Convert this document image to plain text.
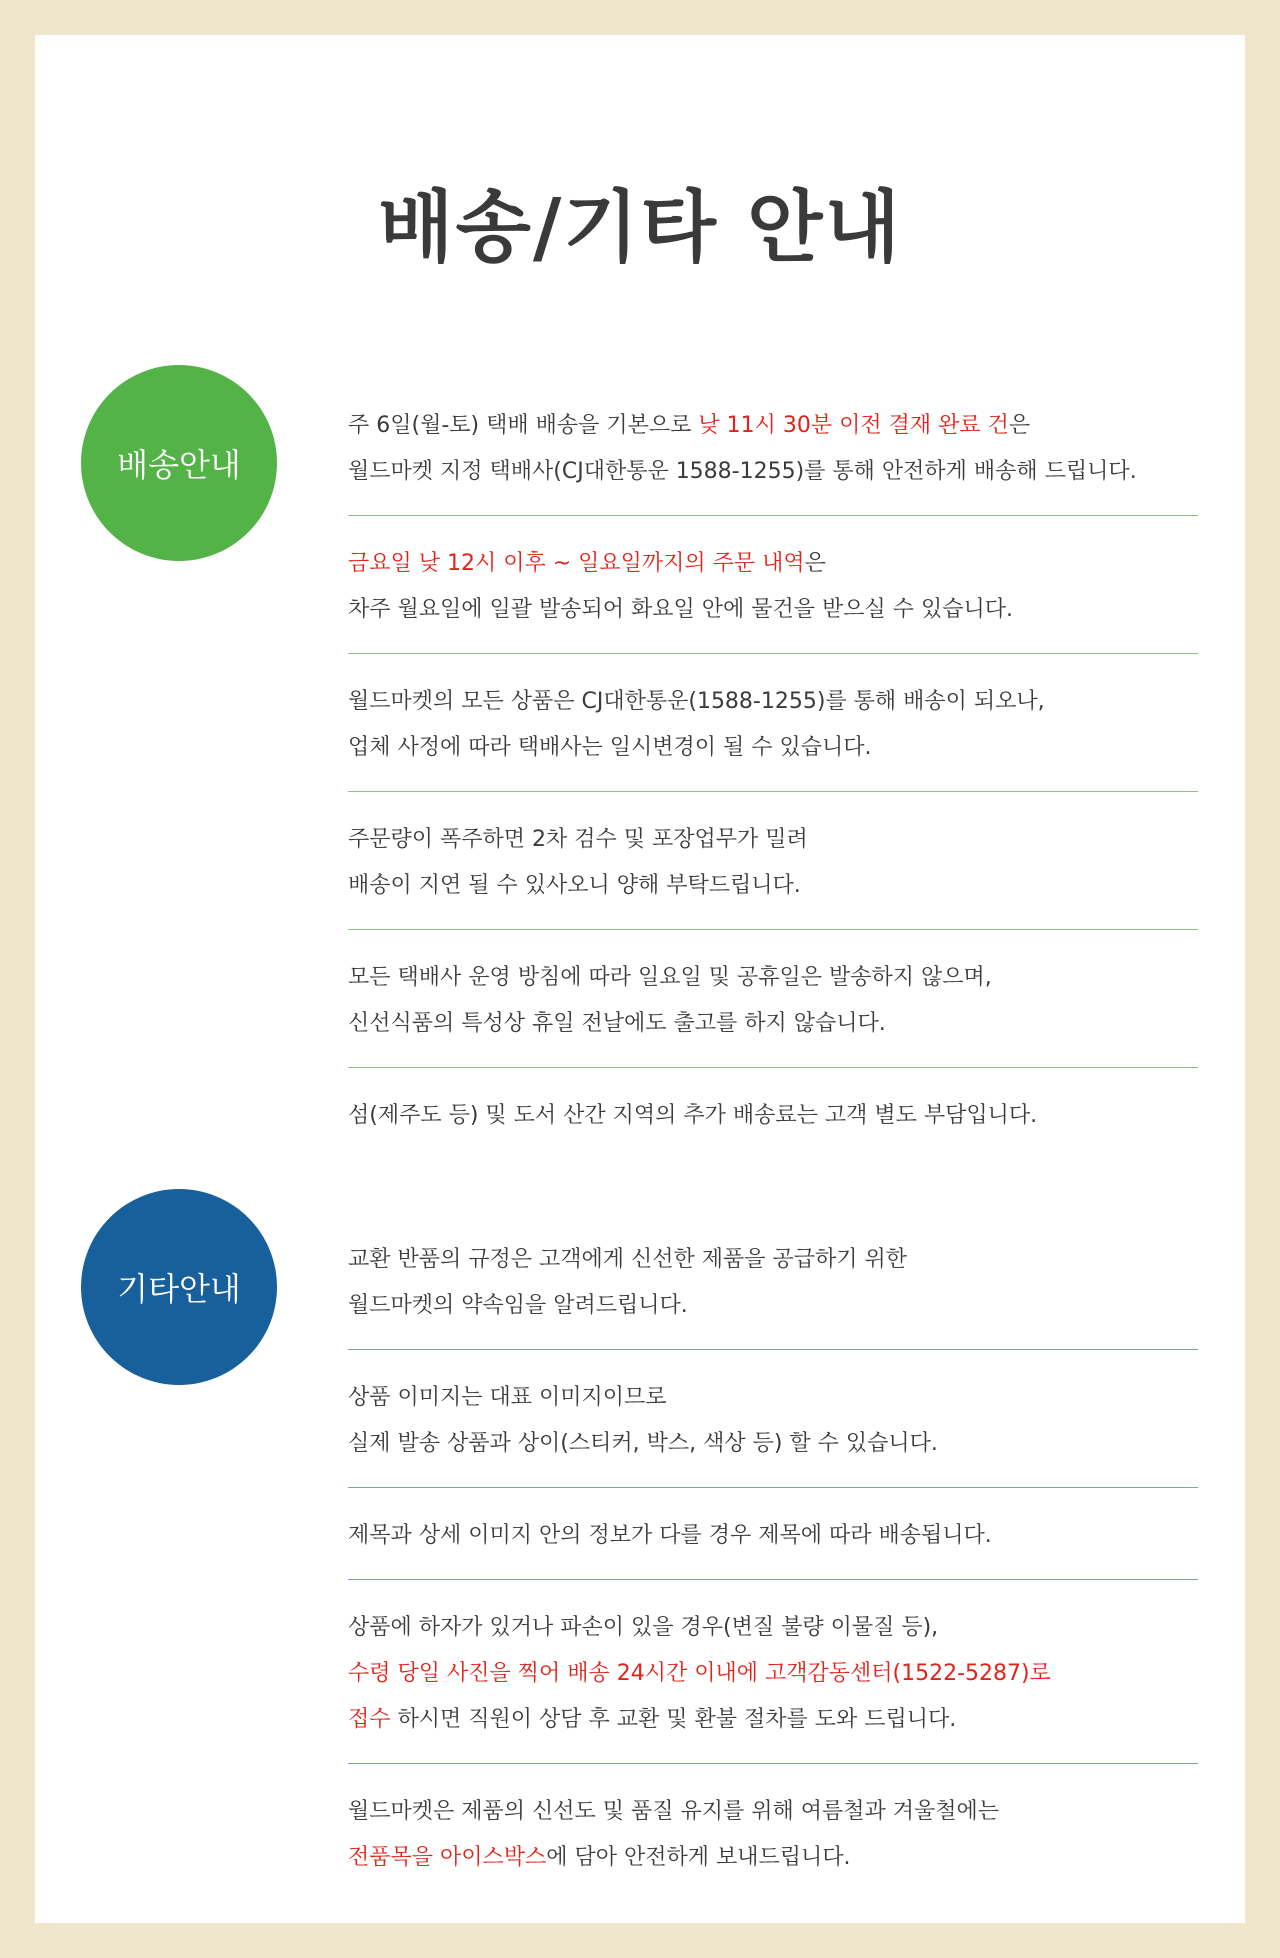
배송/기타 안내
배송안내

주 6일(월-토) 택배 배송을 기본으로 낮 11시 30분 이전 결재 완료 건은

월드마켓 지정 택배사(CJ대한통운 1588-1255)를 통해 안전하게 배송해 드립니다.

금요일 낮 12시 이후 ~ 일요일까지의 주문 내역은

차주 월요일에 일괄 발송되어 화요일 안에 물건을 받으실 수 있습니다.

월드마켓의 모든 상품은 CJ대한통운(1588-1255)를 통해 배송이 되오나,

업체 사정에 따라 택배사는 일시변경이 될 수 있습니다.

주문량이 폭주하면 2차 검수 및 포장업무가 밀려

배송이 지연 될 수 있사오니 양해 부탁드립니다.

모든 택배사 운영 방침에 따라 일요일 및 공휴일은 발송하지 않으며,

신선식품의 특성상 휴일 전날에도 출고를 하지 않습니다.

섬(제주도 등) 및 도서 산간 지역의 추가 배송료는 고객 별도 부담입니다.

기타안내

교환 반품의 규정은 고객에게 신선한 제품을 공급하기 위한

월드마켓의 약속임을 알려드립니다.

상품 이미지는 대표 이미지이므로

실제 발송 상품과 상이(스티커, 박스, 색상 등) 할 수 있습니다.

제목과 상세 이미지 안의 정보가 다를 경우 제목에 따라 배송됩니다.

상품에 하자가 있거나 파손이 있을 경우(변질 불량 이물질 등),

수령 당일 사진을 찍어 배송 24시간 이내에 고객감동센터(1522-5287)로

접수 하시면 직원이 상담 후 교환 및 환불 절차를 도와 드립니다.

월드마켓은 제품의 신선도 및 품질 유지를 위해 여름철과 겨울철에는

전품목을 아이스박스에 담아 안전하게 보내드립니다.
